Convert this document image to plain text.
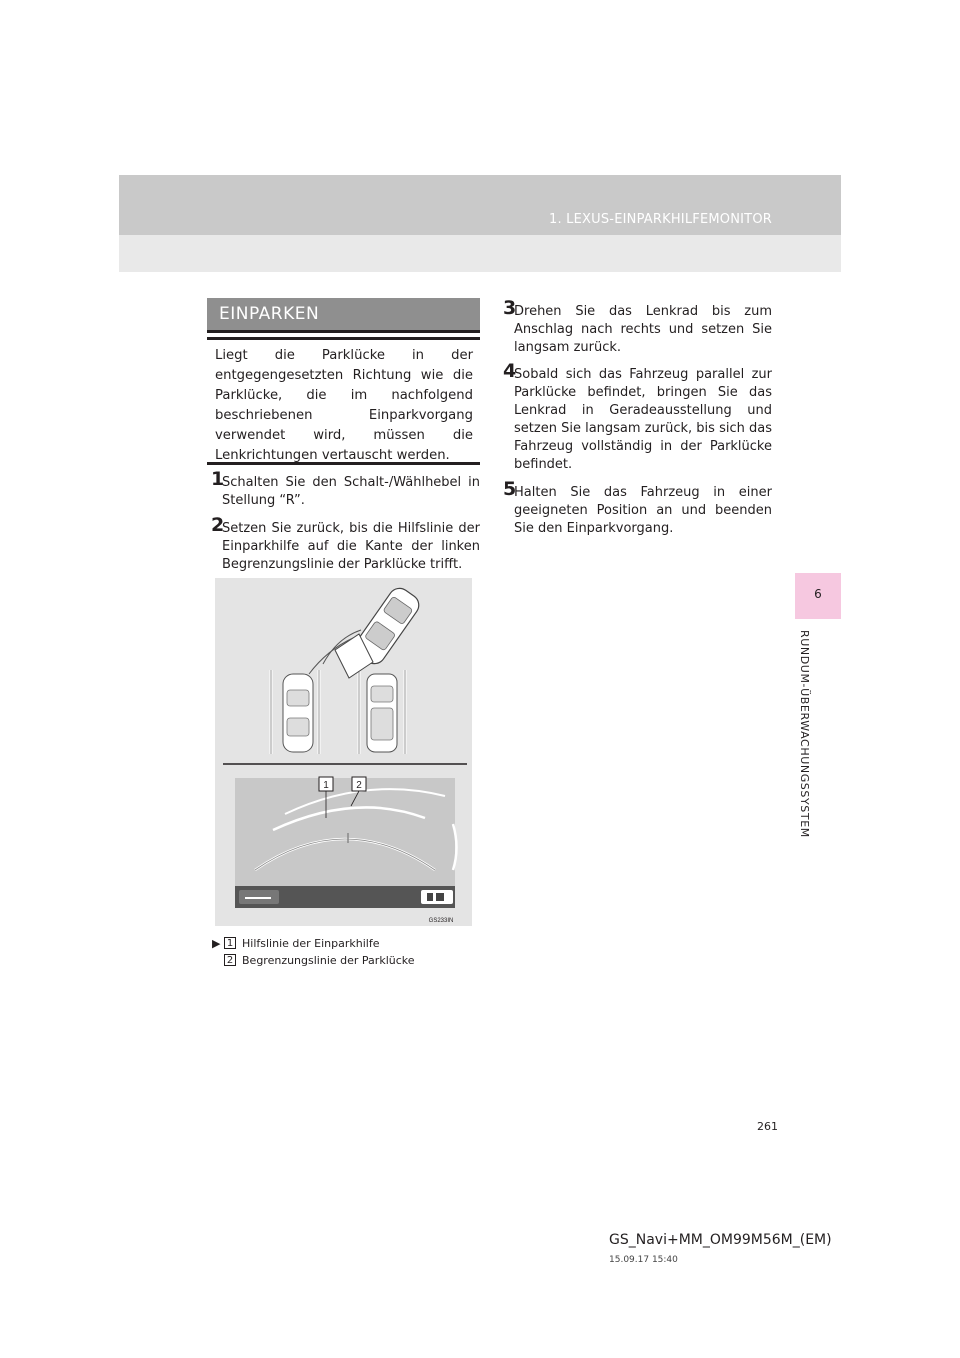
1. LEXUS-EINPARKHILFEMONITOR
6
RUNDUM-ÜBERWACHUNGSSYSTEM
EINPARKEN
Liegt die Parklücke in der entgegengesetzten Richtung wie die Parklücke, die im nachfolgend beschriebenen Einparkvorgang verwendet wird, müssen die Lenkrichtungen vertauscht werden.
1
Schalten Sie den Schalt-/Wählhebel in Stellung “R”.
2
Setzen Sie zurück, bis die Hilfslinie der Einparkhilfe auf die Kante der linken Begrenzungslinie der Parklücke trifft.
3
Drehen Sie das Lenkrad bis zum Anschlag nach rechts und setzen Sie langsam zurück.
4
Sobald sich das Fahrzeug parallel zur Parklücke befindet, bringen Sie das Lenkrad in Geradeausstellung und setzen Sie langsam zurück, bis sich das Fahrzeug vollständig in der Parklücke befindet.
5
Halten Sie das Fahrzeug in einer geeigneten Position an und beenden Sie den Einparkvorgang.
1	2
GS233IN
▶ 1 Hilfslinie der Einparkhilfe
2 Begrenzungslinie der Parklücke
261
GS_Navi+MM_OM99M56M_(EM)
15.09.17 15:40
